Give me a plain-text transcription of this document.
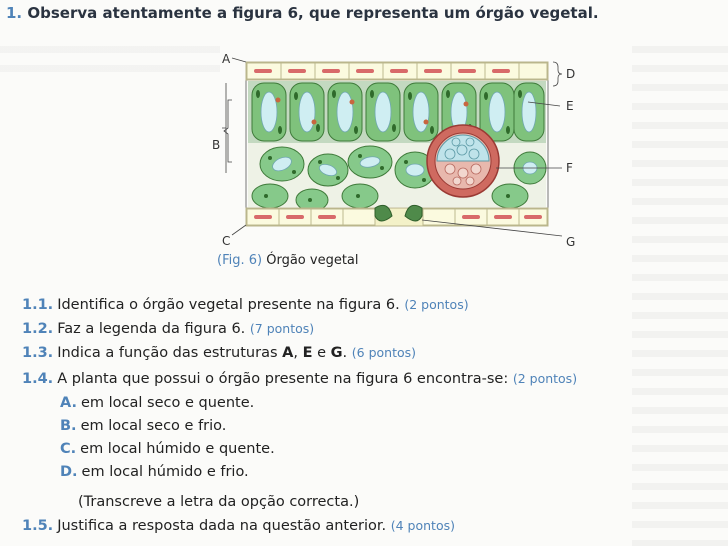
1. Observa atentamente a figura 6, que representa um órgão vegetal.
A
B
C
D
E
F
G
(Fig. 6) Órgão vegetal
1.1. Identifica o órgão vegetal presente na figura 6. (2 pontos)
1.2. Faz a legenda da figura 6. (7 pontos)
1.3. Indica a função das estruturas A, E e G. (6 pontos)
1.4. A planta que possui o órgão presente na figura 6 encontra-se: (2 pontos)
A. em local seco e quente.
B. em local seco e frio.
C. em local húmido e quente.
D. em local húmido e frio.
(Transcreve a letra da opção correcta.)
1.5. Justifica a resposta dada na questão anterior. (4 pontos)
